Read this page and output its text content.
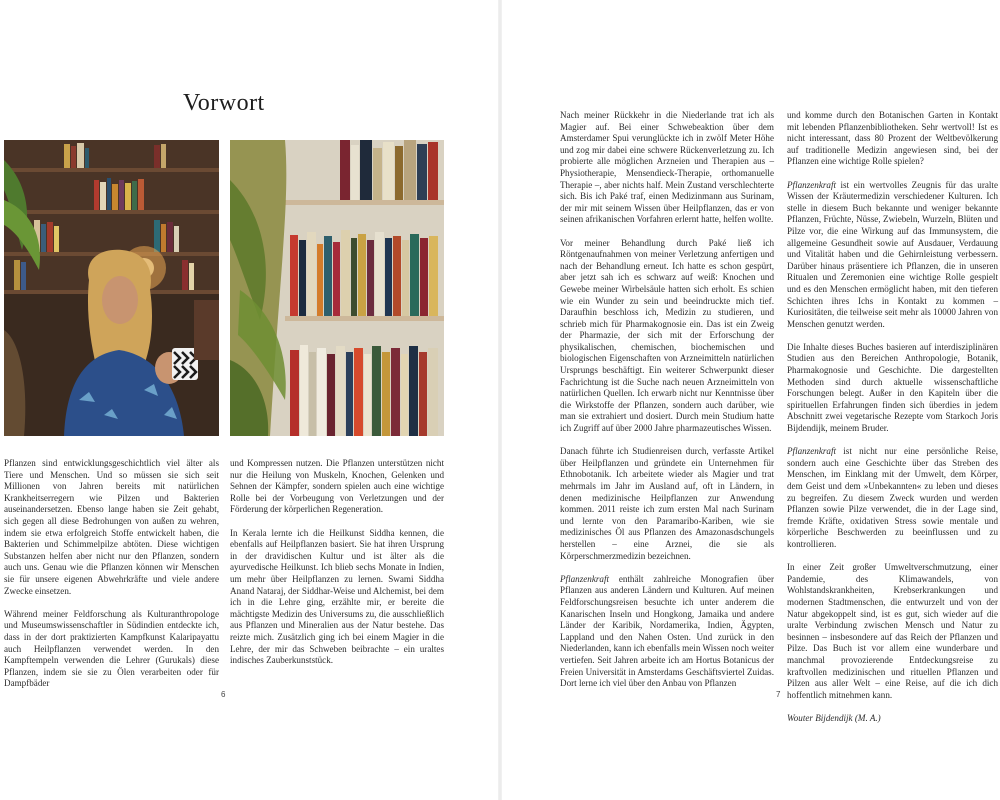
Vorwort

Pflanzen sind entwicklungsgeschichtlich viel älter als Tiere und Menschen. Und so müssen sie sich seit Millionen von Jahren bereits mit natürlichen Krankheitserregern wie Pilzen und Bakterien auseinandersetzen. Ebenso lange haben sie Zeit gehabt, sich gegen all diese Bedrohungen von außen zu wehren, indem sie etwa erfolgreich Stoffe entwickelt haben, die Bakterien und Schimmelpilze abtöten. Diese wichtigen Substanzen helfen aber nicht nur den Pflanzen, sondern auch uns. Genau wie die Pflanzen können wir Menschen sie für unsere eigenen Abwehrkräfte und viele andere Zwecke einsetzen.

Während meiner Feldforschung als Kulturanthropologe und Museumswissenschaftler in Südindien entdeckte ich, dass in der dort praktizierten Kampfkunst Kalaripayattu auch Heilpflanzen verwendet werden. In den Kampftempeln verwenden die Lehrer (Gurukals) diese Pflanzen, indem sie sie zu Ölen verarbeiten oder für Dampfbäder

und Kompressen nutzen. Die Pflanzen unterstützen nicht nur die Heilung von Muskeln, Knochen, Gelenken und Sehnen der Kämpfer, sondern spielen auch eine wichtige Rolle bei der Vorbeugung von Verletzungen und der Förderung der körperlichen Regeneration.

In Kerala lernte ich die Heilkunst Siddha kennen, die ebenfalls auf Heilpflanzen basiert. Sie hat ihren Ursprung in der dravidischen Kultur und ist älter als die ayurvedische Heilkunst. Ich blieb sechs Monate in Indien, um mehr über Heilpflanzen zu lernen. Swami Siddha Anand Nataraj, der Siddhar-Weise und Alchemist, bei dem ich in die Lehre ging, erzählte mir, er bereite die mächtigste Medizin des Universums zu, die ausschließlich aus Pflanzen und Mineralien aus der Natur bestehe. Das reizte mich. Zusätzlich ging ich bei einem Magier in die Lehre, der mir das Schweben beibrachte – ein uraltes indisches Zauberkunststück.

6

Nach meiner Rückkehr in die Niederlande trat ich als Magier auf. Bei einer Schwebeaktion über dem Amsterdamer Spui verunglückte ich in zwölf Meter Höhe und zog mir dabei eine schwere Rückenverletzung zu. Ich probierte alle möglichen Arzneien und Therapien aus – Physiotherapie, Mensendieck-Therapie, orthomanuelle Therapie –, aber nichts half. Mein Zustand verschlechterte sich. Bis ich Paké traf, einen Medizinmann aus Surinam, der mir mit seinem Wissen über Heilpflanzen, das er von seinen afrikanischen Vorfahren erlernt hatte, helfen wollte.

Vor meiner Behandlung durch Paké ließ ich Röntgenaufnahmen von meiner Verletzung anfertigen und nach der Behandlung erneut. Ich hatte es schon gespürt, aber jetzt sah ich es schwarz auf weiß: Knochen und Gewebe meiner Wirbelsäule hatten sich erholt. Es schien wie ein Wunder zu sein und beeindruckte mich tief. Daraufhin beschloss ich, Medizin zu studieren, und schrieb mich für Pharmakognosie ein. Das ist ein Zweig der Pharmazie, der sich mit der Erforschung der physikalischen, chemischen, biochemischen und biologischen Eigenschaften von Arzneimitteln natürlichen Ursprungs beschäftigt. Ein weiterer Schwerpunkt dieser Fachrichtung ist die Suche nach neuen Arzneimitteln von natürlichen Quellen. Ich erwarb nicht nur Kenntnisse über die Wirkstoffe der Pflanzen, sondern auch darüber, wie man sie extrahiert und dosiert. Durch mein Studium hatte ich Zugriff auf über 2000 Jahre pharmazeutisches Wissen.

Danach führte ich Studienreisen durch, verfasste Artikel über Heilpflanzen und gründete ein Unternehmen für Ethnobotanik. Ich arbeitete wieder als Magier und trat mehrmals im Jahr im Ausland auf, oft in Ländern, in denen medizinische Heilpflanzen zur Anwendung kommen. 2011 reiste ich zum ersten Mal nach Surinam und lernte von den Paramaribo-Kariben, wie sie medizinisches Öl aus Pflanzen des Amazonasdschungels herstellen – eine Arznei, die sie als Körperschmerzmedizin bezeichnen.

Pflanzenkraft enthält zahlreiche Monografien über Pflanzen aus anderen Ländern und Kulturen. Auf meinen Feldforschungsreisen besuchte ich unter anderem die Kanarischen Inseln und Hongkong, Jamaika und andere Länder der Karibik, Nordamerika, Indien, Ägypten, Lappland und den Nahen Osten. Und zurück in den Niederlanden, kann ich ebenfalls mein Wissen noch weiter vertiefen. Seit Jahren arbeite ich am Hortus Botanicus der Freien Universität in Amsterdams Geschäftsviertel Zuidas. Dort lerne ich viel über den Anbau von Pflanzen

und komme durch den Botanischen Garten in Kontakt mit lebenden Pflanzenbibliotheken. Sehr wertvoll! Ist es nicht interessant, dass 80 Prozent der Weltbevölkerung auf traditionelle Medizin angewiesen sind, bei der Pflanzen eine wichtige Rolle spielen?

Pflanzenkraft ist ein wertvolles Zeugnis für das uralte Wissen der Kräutermedizin verschiedener Kulturen. Ich stelle in diesem Buch bekannte und weniger bekannte Pflanzen, Früchte, Nüsse, Zwiebeln, Wurzeln, Blüten und Pilze vor, die eine Wirkung auf das Immunsystem, die allgemeine Gesundheit sowie auf Ausdauer, Verdauung und Vitalität haben und die Gehirnleistung verbessern. Darüber hinaus präsentiere ich Pflanzen, die in unseren Ritualen und Zeremonien eine wichtige Rolle gespielt und es den Menschen ermöglicht haben, mit den tieferen Schichten ihres Ichs in Kontakt zu kommen – Kuriositäten, die teilweise seit mehr als 10000 Jahren von Menschen genutzt werden.

Die Inhalte dieses Buches basieren auf interdisziplinären Studien aus den Bereichen Anthropologie, Botanik, Pharmakognosie und Geschichte. Die dargestellten Methoden sind durch aktuelle wissenschaftliche Forschungen belegt. Außer in den Kapiteln über die spirituellen Erfahrungen finden sich überdies in jedem Abschnitt zwei vegetarische Rezepte vom Starkoch Joris Bijdendijk, meinem Bruder.

Pflanzenkraft ist nicht nur eine persönliche Reise, sondern auch eine Geschichte über das Streben des Menschen, im Einklang mit der Umwelt, dem Körper, dem Geist und dem »Unbekannten« zu leben und dieses zu begreifen. Zu diesem Zweck wurden und werden Pflanzen sowie Pilze verwendet, die in der Lage sind, fremde Kräfte, oxidativen Stress sowie mentale und körperliche Beschwerden zu beeinflussen und zu kontrollieren.

In einer Zeit großer Umweltverschmutzung, einer Pandemie, des Klimawandels, von Wohlstandskrankheiten, Krebserkrankungen und modernen Stadtmenschen, die entwurzelt und von der Natur abgekoppelt sind, ist es gut, sich wieder auf die uralte Verbindung zwischen Mensch und Natur zu besinnen – insbesondere auf das Reich der Pflanzen und Pilze. Das Buch ist vor allem eine wunderbare und manchmal provozierende Entdeckungsreise zu kraftvollen medizinischen und rituellen Pflanzen und Pilzen aus aller Welt – eine Reise, auf die ich dich hoffentlich mitnehmen kann.

Wouter Bijdendijk (M. A.)

7
